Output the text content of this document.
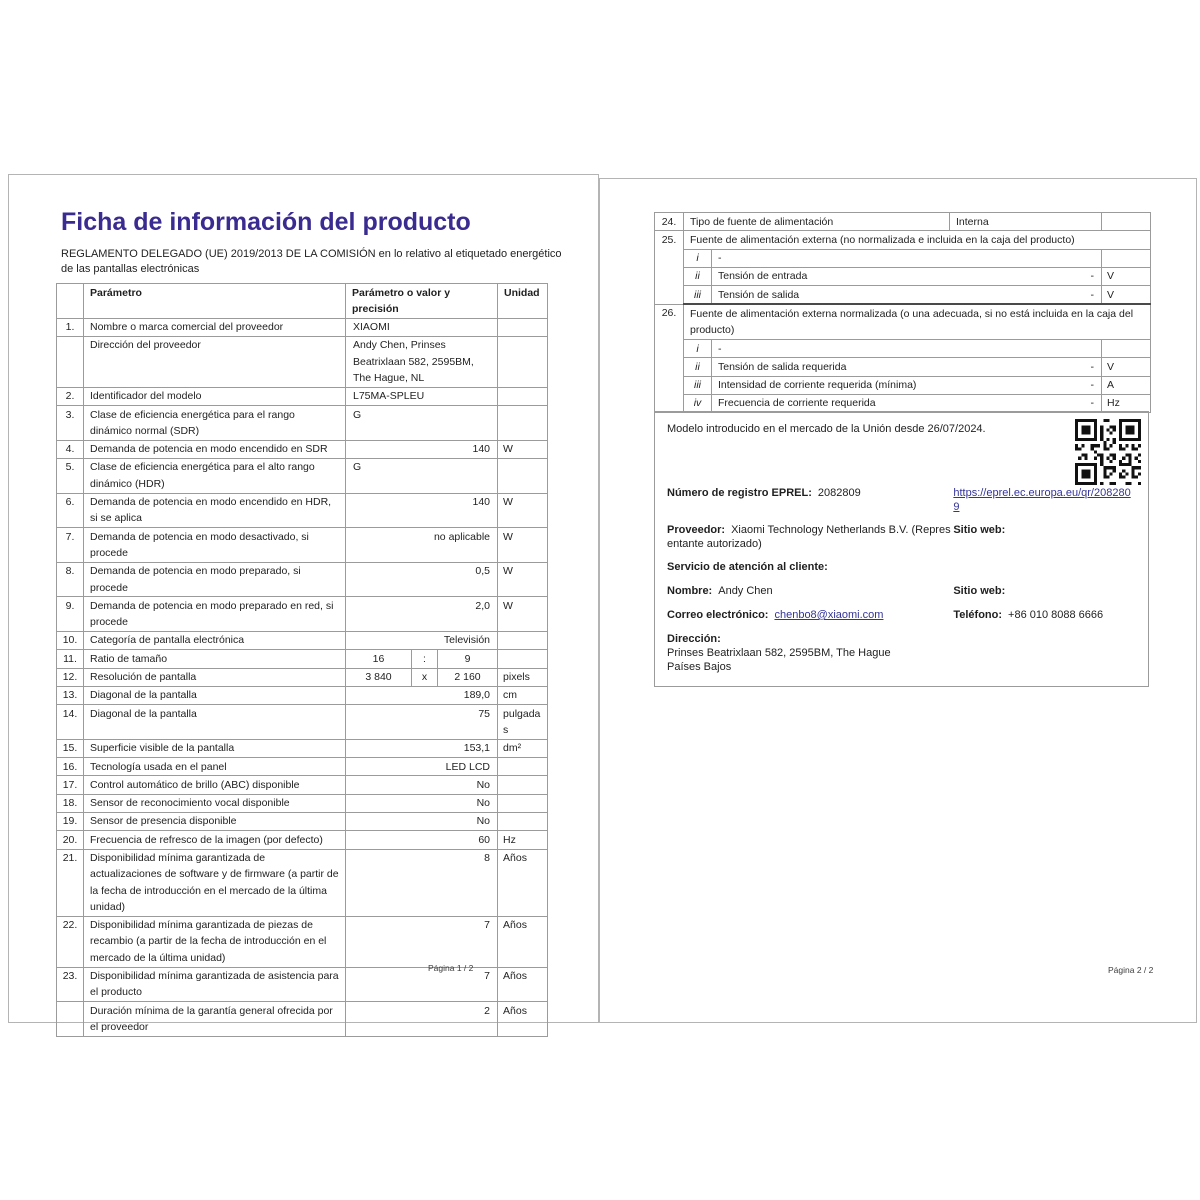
Ficha de información del producto

REGLAMENTO DELEGADO (UE) 2019/2013 DE LA COMISIÓN en lo relativo al etiquetado energético de las pantallas electrónicas

	Parámetro	Parámetro o valor y precisión			Unidad
1.	Nombre o marca comercial del proveedor	XIAOMI			
	Dirección del proveedor	Andy Chen, Prinses Beatrixlaan 582, 2595BM, The Hague, NL			
2.	Identificador del modelo	L75MA-SPLEU			
3.	Clase de eficiencia energética para el rango dinámico normal (SDR)	G			
4.	Demanda de potencia en modo encendido en SDR	140			W
5.	Clase de eficiencia energética para el alto rango dinámico (HDR)	G			
6.	Demanda de potencia en modo encendido en HDR, si se aplica	140			W
7.	Demanda de potencia en modo desactivado, si procede	no aplicable			W
8.	Demanda de potencia en modo preparado, si procede	0,5			W
9.	Demanda de potencia en modo preparado en red, si procede	2,0			W
10.	Categoría de pantalla electrónica	Televisión			
11.	Ratio de tamaño	16	:	9	
12.	Resolución de pantalla	3 840	x	2 160	pixels
13.	Diagonal de la pantalla	189,0			cm
14.	Diagonal de la pantalla	75			pulgadas
15.	Superficie visible de la pantalla	153,1			dm²
16.	Tecnología usada en el panel	LED LCD			
17.	Control automático de brillo (ABC) disponible	No			
18.	Sensor de reconocimiento vocal disponible	No			
19.	Sensor de presencia disponible	No			
20.	Frecuencia de refresco de la imagen (por defecto)	60			Hz
21.	Disponibilidad mínima garantizada de actualizaciones de software y de firmware (a partir de la fecha de introducción en el mercado de la última unidad)	8			Años
22.	Disponibilidad mínima garantizada de piezas de recambio (a partir de la fecha de introducción en el mercado de la última unidad)	7			Años
23.	Disponibilidad mínima garantizada de asistencia para el producto	7			Años
	Duración mínima de la garantía general ofrecida por el proveedor	2			Años
Página 1 / 2
24.	Tipo de fuente de alimentación		Interna	
25.	Fuente de alimentación externa (no normalizada e incluida en la caja del producto)			
	i	-		
	ii	Tensión de entrada -		V
	iii	Tensión de salida -		V
26.	Fuente de alimentación externa normalizada (o una adecuada, si no está incluida en la caja del producto)			
	i	-		
	ii	Tensión de salida requerida -		V
	iii	Intensidad de corriente requerida (mínima) -		A
	iv	Frecuencia de corriente requerida -		Hz

Modelo introducido en el mercado de la Unión desde 26/07/2024.

Número de registro EPREL: 2082809	https://eprel.ec.europa.eu/qr/2082809
Proveedor: Xiaomi Technology Netherlands B.V. (Representante autorizado)
Sitio web:
Servicio de atención al cliente:
Nombre: Andy Chen	Sitio web:
Correo electrónico: chenbo8@xiaomi.com	Teléfono: +86 010 8088 6666
Dirección:
Prinses Beatrixlaan 582, 2595BM, The Hague
Países Bajos
Página 2 / 2
